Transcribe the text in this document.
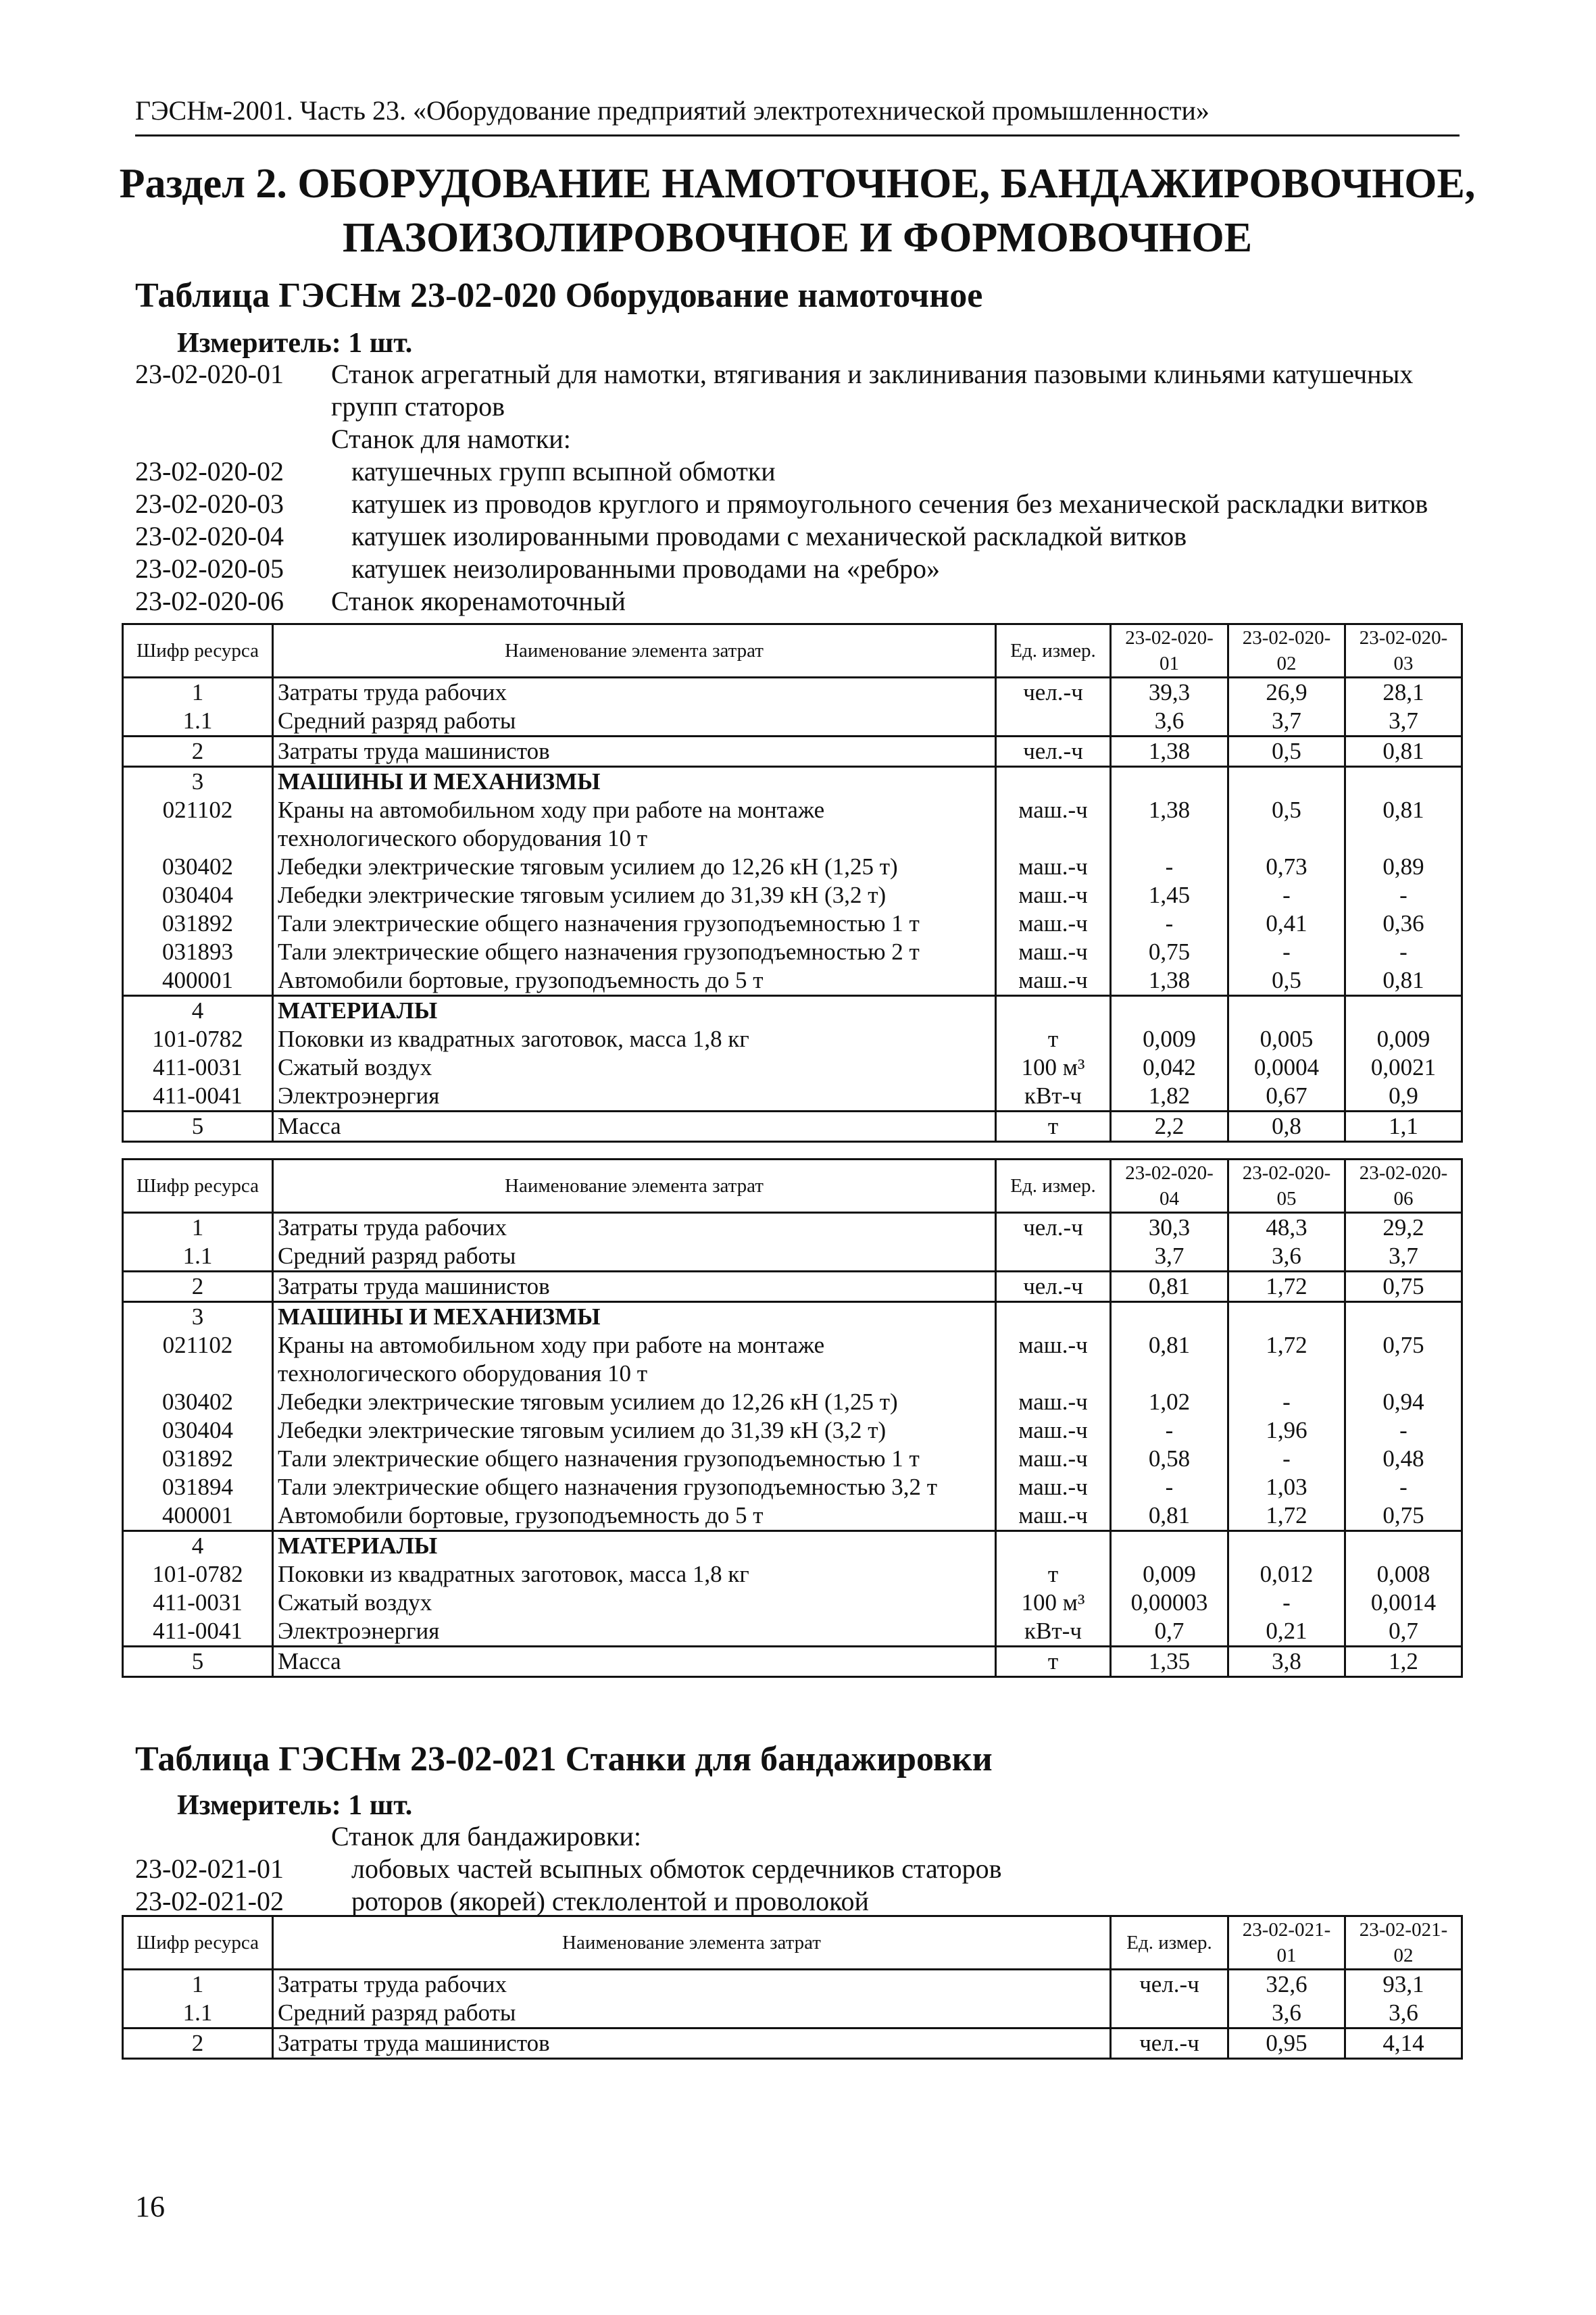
ГЭСНм-2001. Часть 23. «Оборудование предприятий электротехнической промышленности»
Раздел 2. ОБОРУДОВАНИЕ НАМОТОЧНОЕ, БАНДАЖИРОВОЧНОЕ, ПАЗОИЗОЛИРОВОЧНОЕ И ФОРМОВОЧНОЕ
Таблица ГЭСНм 23-02-020 Оборудование намоточное
Измеритель: 1 шт.
23-02-020-01	Станок агрегатный для намотки, втягивания и заклинивания пазовыми клиньями катушечных групп статоров
Станок для намотки:
23-02-020-02	катушечных групп всыпной обмотки
23-02-020-03	катушек из проводов круглого и прямоугольного сечения без механической раскладки витков
23-02-020-04	катушек изолированными проводами с механической раскладкой витков
23-02-020-05	катушек неизолированными проводами на «ребро»
23-02-020-06	Станок якоренамоточный
Шифр ресурса	Наименование элемента затрат	Ед. измер.	23-02-020-01	23-02-020-02	23-02-020-03
1	Затраты труда рабочих	чел.-ч	39,3	26,9	28,1
1.1	Средний разряд работы		3,6	3,7	3,7
2	Затраты труда машинистов	чел.-ч	1,38	0,5	0,81
3	МАШИНЫ И МЕХАНИЗМЫ				
021102	Краны на автомобильном ходу при работе на монтаже технологического оборудования 10 т	маш.-ч	1,38	0,5	0,81
030402	Лебедки электрические тяговым усилием до 12,26 кН (1,25 т)	маш.-ч	-	0,73	0,89
030404	Лебедки электрические тяговым усилием до 31,39 кН (3,2 т)	маш.-ч	1,45	-	-
031892	Тали электрические общего назначения грузоподъемностью 1 т	маш.-ч	-	0,41	0,36
031893	Тали электрические общего назначения грузоподъемностью 2 т	маш.-ч	0,75	-	-
400001	Автомобили бортовые, грузоподъемность до 5 т	маш.-ч	1,38	0,5	0,81
4	МАТЕРИАЛЫ				
101-0782	Поковки из квадратных заготовок, масса 1,8 кг	т	0,009	0,005	0,009
411-0031	Сжатый воздух	100 м³	0,042	0,0004	0,0021
411-0041	Электроэнергия	кВт-ч	1,82	0,67	0,9
5	Масса	т	2,2	0,8	1,1
Шифр ресурса	Наименование элемента затрат	Ед. измер.	23-02-020-04	23-02-020-05	23-02-020-06
1	Затраты труда рабочих	чел.-ч	30,3	48,3	29,2
1.1	Средний разряд работы		3,7	3,6	3,7
2	Затраты труда машинистов	чел.-ч	0,81	1,72	0,75
3	МАШИНЫ И МЕХАНИЗМЫ				
021102	Краны на автомобильном ходу при работе на монтаже технологического оборудования 10 т	маш.-ч	0,81	1,72	0,75
030402	Лебедки электрические тяговым усилием до 12,26 кН (1,25 т)	маш.-ч	1,02	-	0,94
030404	Лебедки электрические тяговым усилием до 31,39 кН (3,2 т)	маш.-ч	-	1,96	-
031892	Тали электрические общего назначения грузоподъемностью 1 т	маш.-ч	0,58	-	0,48
031894	Тали электрические общего назначения грузоподъемностью 3,2 т	маш.-ч	-	1,03	-
400001	Автомобили бортовые, грузоподъемность до 5 т	маш.-ч	0,81	1,72	0,75
4	МАТЕРИАЛЫ				
101-0782	Поковки из квадратных заготовок, масса 1,8 кг	т	0,009	0,012	0,008
411-0031	Сжатый воздух	100 м³	0,00003	-	0,0014
411-0041	Электроэнергия	кВт-ч	0,7	0,21	0,7
5	Масса	т	1,35	3,8	1,2
Таблица ГЭСНм 23-02-021 Станки для бандажировки
Измеритель: 1 шт.
Станок для бандажировки:
23-02-021-01	лобовых частей всыпных обмоток сердечников статоров
23-02-021-02	роторов (якорей) стеклолентой и проволокой
Шифр ресурса	Наименование элемента затрат	Ед. измер.	23-02-021-01	23-02-021-02
1	Затраты труда рабочих	чел.-ч	32,6	93,1
1.1	Средний разряд работы		3,6	3,6
2	Затраты труда машинистов	чел.-ч	0,95	4,14
16
